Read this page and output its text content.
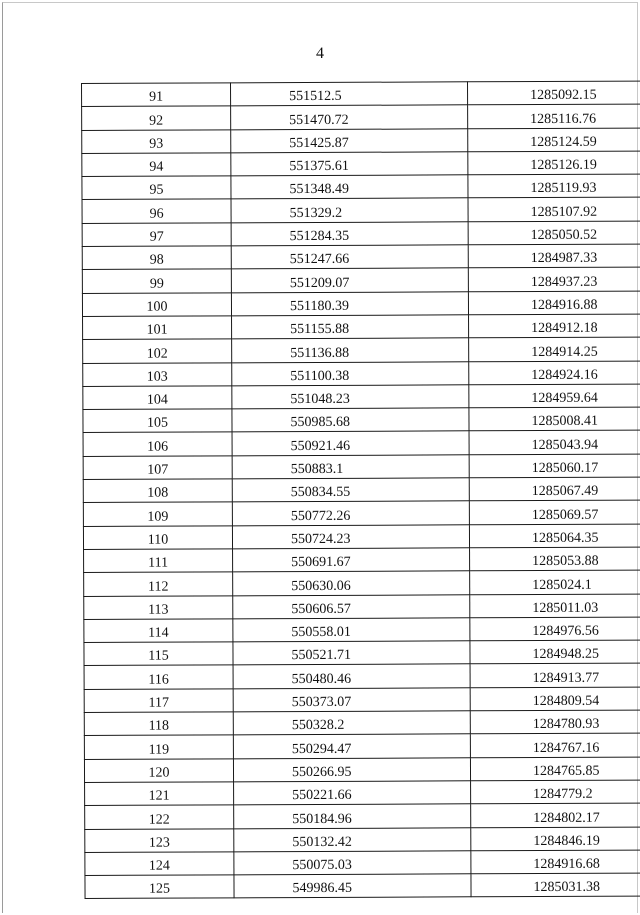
4
91	551512.5	1285092.15
92	551470.72	1285116.76
93	551425.87	1285124.59
94	551375.61	1285126.19
95	551348.49	1285119.93
96	551329.2	1285107.92
97	551284.35	1285050.52
98	551247.66	1284987.33
99	551209.07	1284937.23
100	551180.39	1284916.88
101	551155.88	1284912.18
102	551136.88	1284914.25
103	551100.38	1284924.16
104	551048.23	1284959.64
105	550985.68	1285008.41
106	550921.46	1285043.94
107	550883.1	1285060.17
108	550834.55	1285067.49
109	550772.26	1285069.57
110	550724.23	1285064.35
111	550691.67	1285053.88
112	550630.06	1285024.1
113	550606.57	1285011.03
114	550558.01	1284976.56
115	550521.71	1284948.25
116	550480.46	1284913.77
117	550373.07	1284809.54
118	550328.2	1284780.93
119	550294.47	1284767.16
120	550266.95	1284765.85
121	550221.66	1284779.2
122	550184.96	1284802.17
123	550132.42	1284846.19
124	550075.03	1284916.68
125	549986.45	1285031.38
